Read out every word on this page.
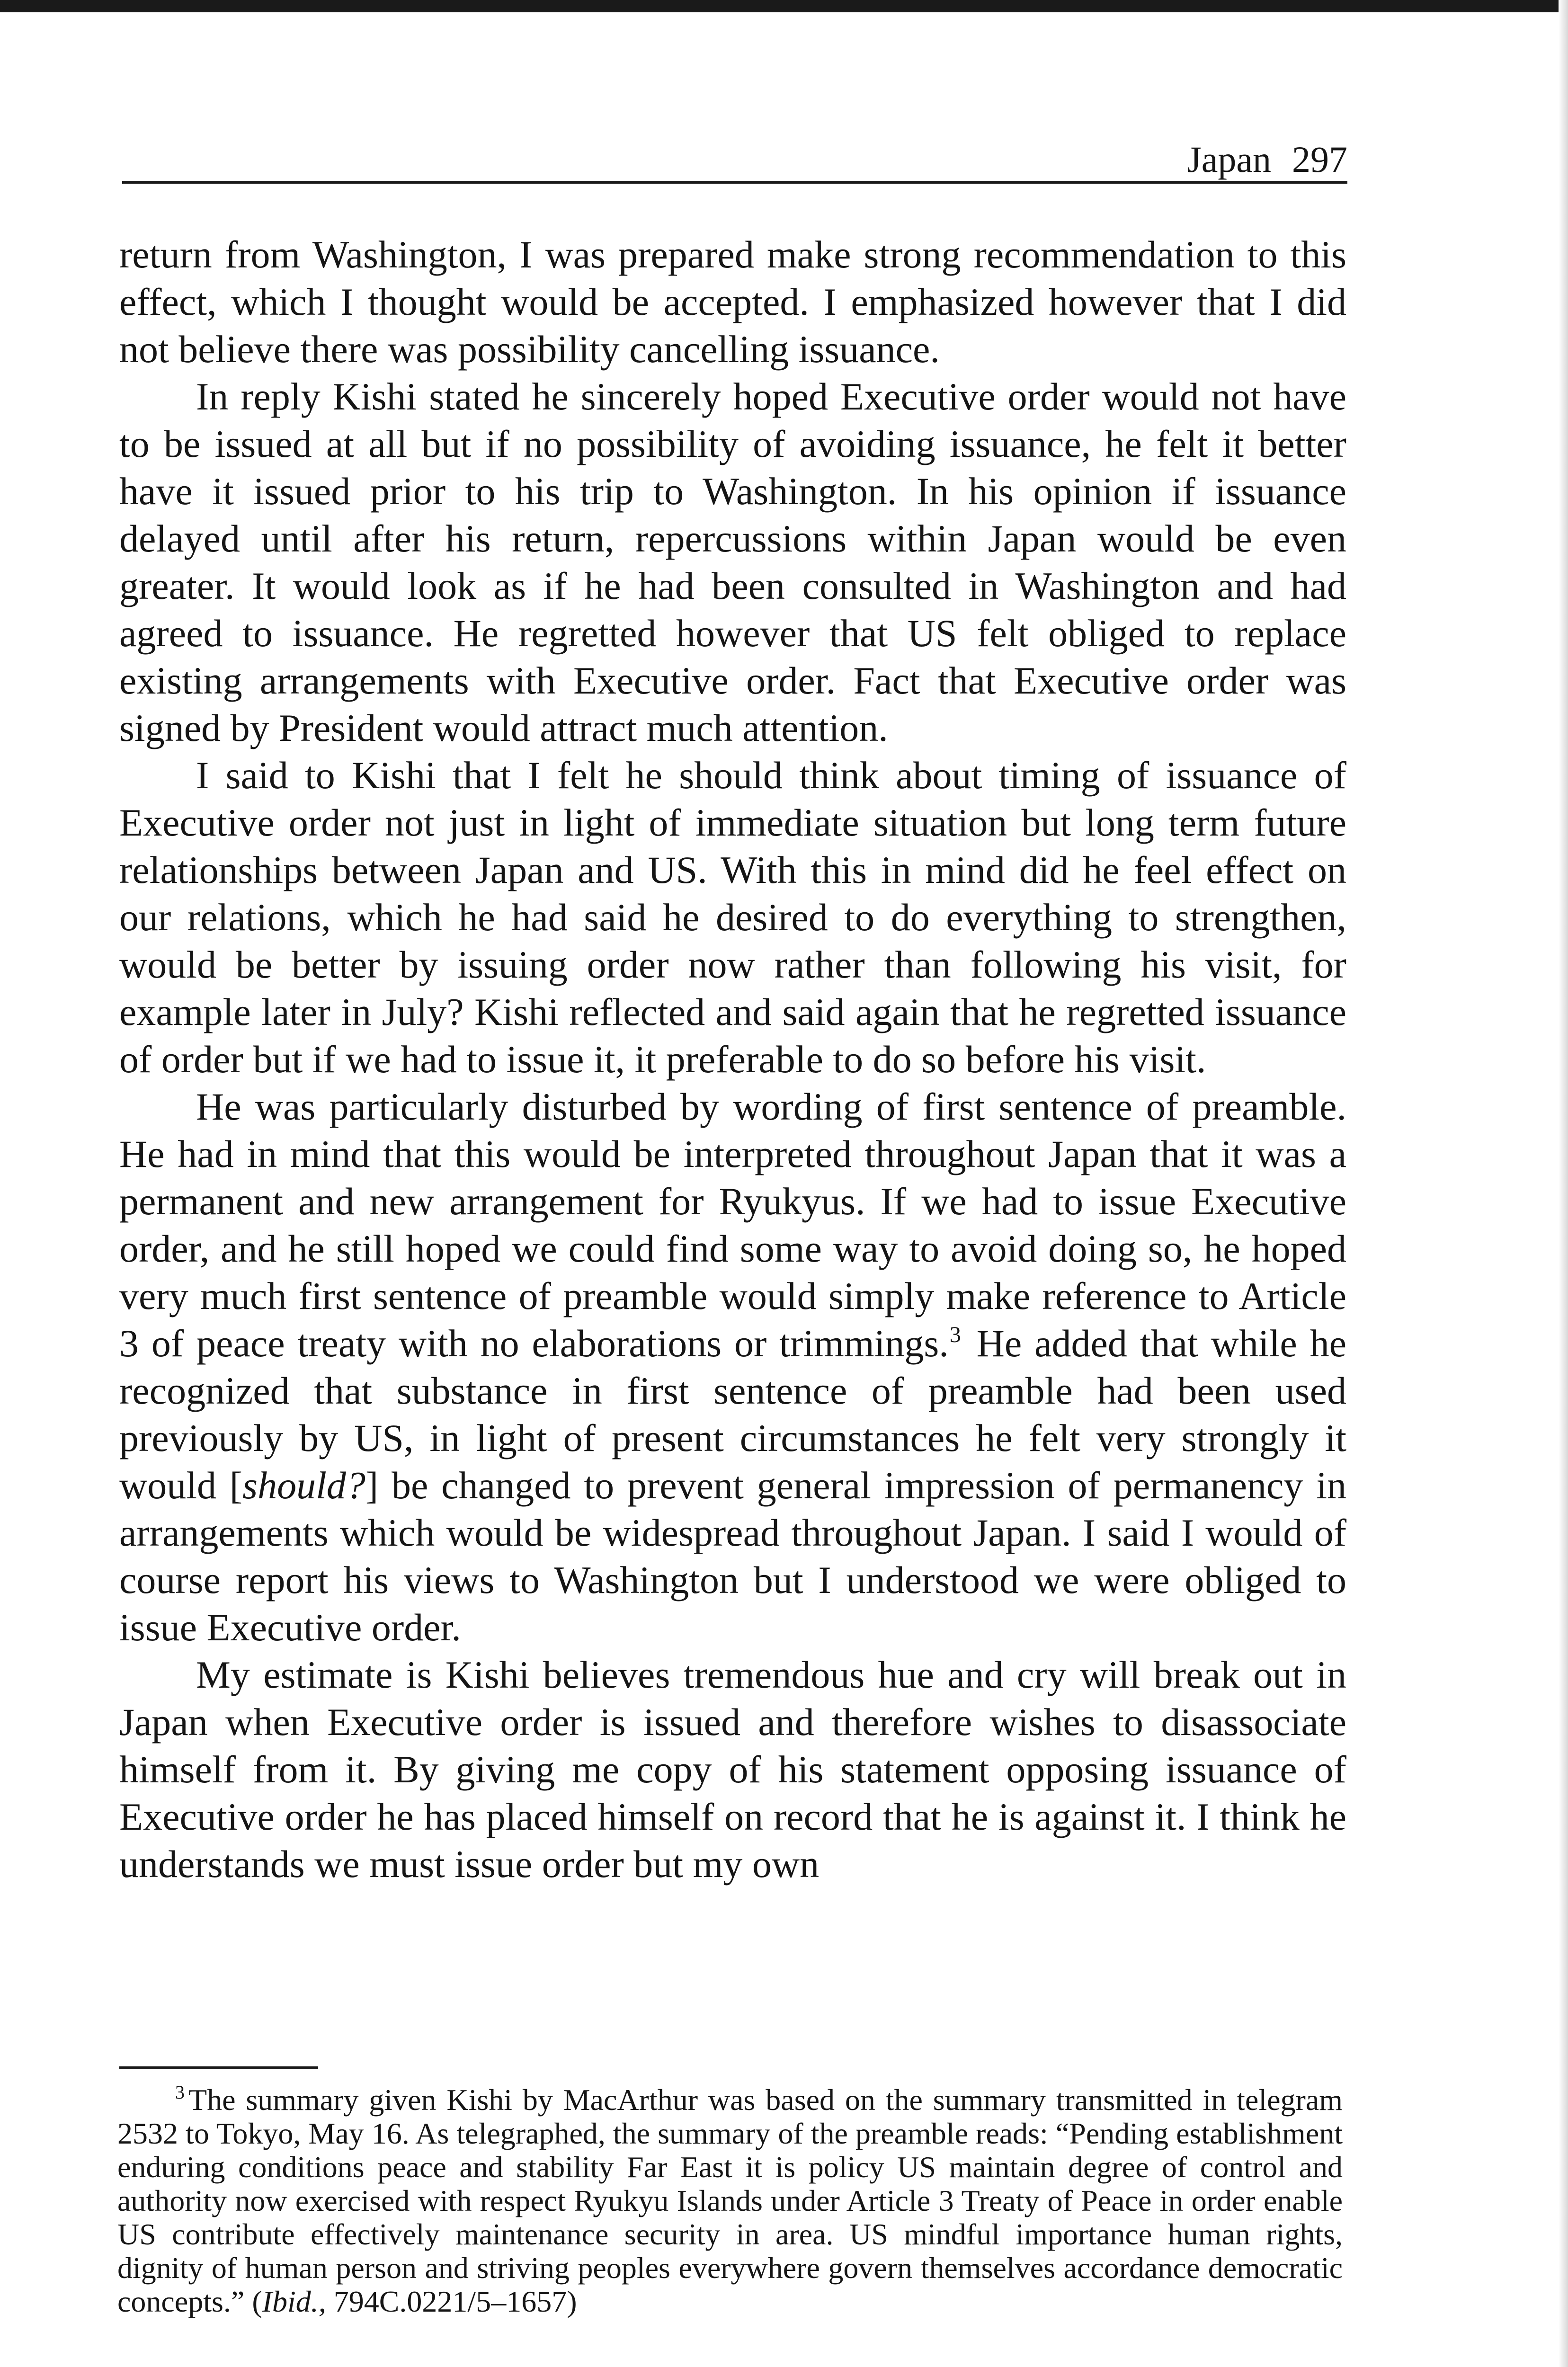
Japan 297

return from Washington, I was prepared make strong recommendation to this effect, which I thought would be accepted. I emphasized however that I did not believe there was possibility cancelling issuance.

In reply Kishi stated he sincerely hoped Executive order would not have to be issued at all but if no possibility of avoiding issuance, he felt it better have it issued prior to his trip to Washington. In his opinion if issuance delayed until after his return, repercussions within Japan would be even greater. It would look as if he had been consulted in Washington and had agreed to issuance. He regretted however that US felt obliged to replace existing arrangements with Executive order. Fact that Executive order was signed by President would attract much attention.

I said to Kishi that I felt he should think about timing of issuance of Executive order not just in light of immediate situation but long term future relationships between Japan and US. With this in mind did he feel effect on our relations, which he had said he desired to do everything to strengthen, would be better by issuing order now rather than following his visit, for example later in July? Kishi reflected and said again that he regretted issuance of order but if we had to issue it, it preferable to do so before his visit.

He was particularly disturbed by wording of first sentence of preamble. He had in mind that this would be interpreted throughout Japan that it was a permanent and new arrangement for Ryukyus. If we had to issue Executive order, and he still hoped we could find some way to avoid doing so, he hoped very much first sentence of preamble would simply make reference to Article 3 of peace treaty with no elaborations or trimmings.$^3$ He added that while he recognized that substance in first sentence of preamble had been used previously by US, in light of present circumstances he felt very strongly it would [should?] be changed to prevent general impression of permanency in arrangements which would be widespread throughout Japan. I said I would of course report his views to Washington but I understood we were obliged to issue Executive order.

My estimate is Kishi believes tremendous hue and cry will break out in Japan when Executive order is issued and therefore wishes to disassociate himself from it. By giving me copy of his statement opposing issuance of Executive order he has placed himself on record that he is against it. I think he understands we must issue order but my own

$^3$ The summary given Kishi by MacArthur was based on the summary transmitted in telegram 2532 to Tokyo, May 16. As telegraphed, the summary of the preamble reads: “Pending establishment enduring conditions peace and stability Far East it is policy US maintain degree of control and authority now exercised with respect Ryukyu Islands under Article 3 Treaty of Peace in order enable US contribute effectively maintenance security in area. US mindful importance human rights, dignity of human person and striving peoples everywhere govern themselves accordance democratic concepts.” (Ibid., 794C.0221/5–1657)
